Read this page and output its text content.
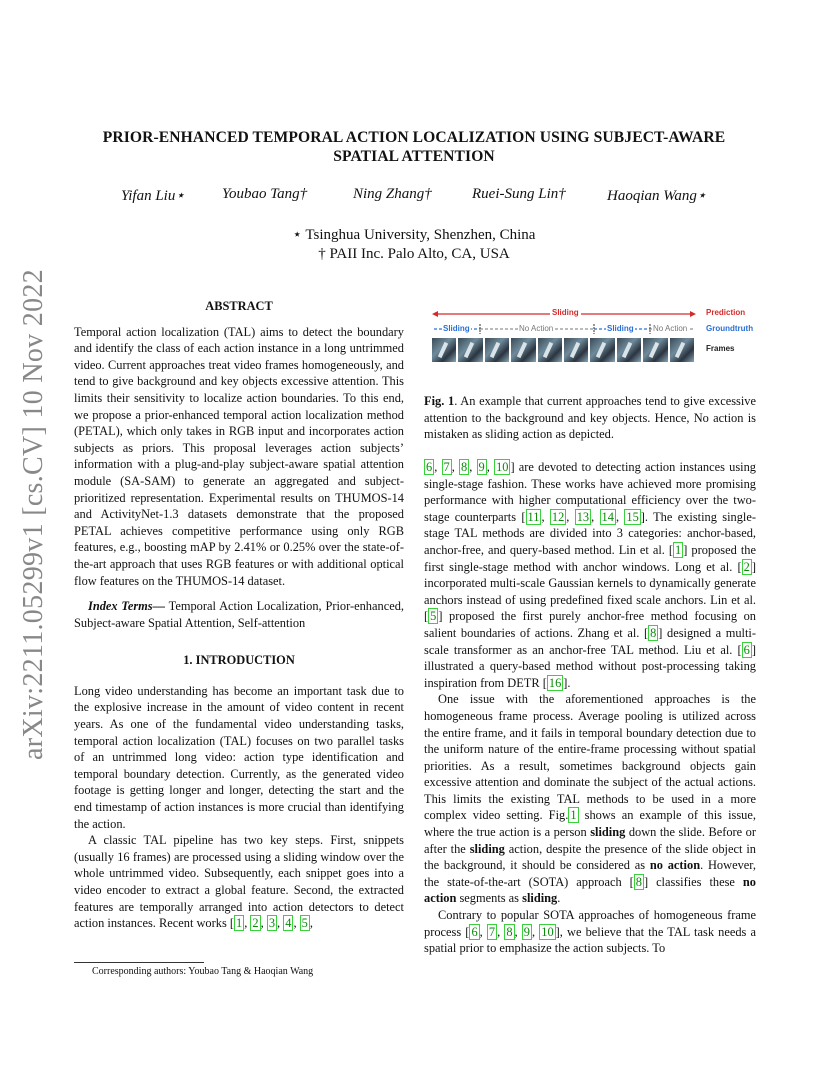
arXiv:2211.05299v1 [cs.CV] 10 Nov 2022
PRIOR-ENHANCED TEMPORAL ACTION LOCALIZATION USING SUBJECT-AWARE
SPATIAL ATTENTION
Yifan Liu⋆ Youbao Tang†	Ning Zhang†	Ruei-Sung Lin†	Haoqian Wang⋆
⋆ Tsinghua University, Shenzhen, China
† PAII Inc. Palo Alto, CA, USA

ABSTRACT

Temporal action localization (TAL) aims to detect the boundary and identify the class of each action instance in a long untrimmed video. Current approaches treat video frames homogeneously, and tend to give background and key objects excessive attention. This limits their sensitivity to localize action boundaries. To this end, we propose a prior-enhanced temporal action localization method (PETAL), which only takes in RGB input and incorporates action subjects as priors. This proposal leverages action subjects’ information with a plug-and-play subject-aware spatial attention module (SA-SAM) to generate an aggregated and subject-prioritized representation. Experimental results on THUMOS-14 and ActivityNet-1.3 datasets demonstrate that the proposed PETAL achieves competitive performance using only RGB features, e.g., boosting mAP by 2.41% or 0.25% over the state-of-the-art approach that uses RGB features or with additional optical flow features on the THUMOS-14 dataset.

Index Terms— Temporal Action Localization, Prior-enhanced, Subject-aware Spatial Attention, Self-attention

1. INTRODUCTION

Long video understanding has become an important task due to the explosive increase in the amount of video content in recent years. As one of the fundamental video understanding tasks, temporal action localization (TAL) focuses on two parallel tasks of an untrimmed long video: action type identification and temporal boundary detection. Currently, as the generated video footage is getting longer and longer, detecting the start and the end timestamp of action instances is more crucial than identifying the action.

A classic TAL pipeline has two key steps. First, snippets (usually 16 frames) are processed using a sliding window over the whole untrimmed video. Subsequently, each snippet goes into a video encoder to extract a global feature. Second, the extracted features are temporally arranged into action detectors to detect action instances. Recent works [ 1 , 2 , 3 , 4 , 5 ,

Corresponding authors: Youbao Tang & Haoqian Wang
Sliding	Prediction
Sliding	No Action	Sliding No Action Groundtruth
Frames
Fig. 1. An example that current approaches tend to give excessive attention to the background and key objects. Hence, No action is mistaken as sliding action as depicted.

6 , 7 , 8 , 9 , 10 ] are devoted to detecting action instances using single-stage fashion. These works have achieved more promising performance with higher computational efficiency over the two-stage counterparts [ 11 , 12 , 13 , 14 , 15 ]. The existing single-stage TAL methods are divided into 3 categories: anchor-based, anchor-free, and query-based method. Lin et al. [ 1 ] proposed the first single-stage method with anchor windows. Long et al. [ 2 ] incorporated multi-scale Gaussian kernels to dynamically generate anchors instead of using predefined fixed scale anchors. Lin et al. [ 5 ] proposed the first purely anchor-free method focusing on salient boundaries of actions. Zhang et al. [ 8 ] designed a multi-scale transformer as an anchor-free TAL method. Liu et al. [ 6 ] illustrated a query-based method without post-processing taking inspiration from DETR [ 16 ].

One issue with the aforementioned approaches is the homogeneous frame process. Average pooling is utilized across the entire frame, and it fails in temporal boundary detection due to the uniform nature of the entire-frame processing without spatial priorities. As a result, sometimes background objects gain excessive attention and dominate the subject of the actual actions. This limits the existing TAL methods to be used in a more complex video setting. Fig. 1 shows an example of this issue, where the true action is a person sliding down the slide. Before or after the sliding action, despite the presence of the slide object in the background, it should be considered as no action. However, the state-of-the-art (SOTA) approach [ 8 ] classifies these no action segments as sliding.

Contrary to popular SOTA approaches of homogeneous frame process [ 6 , 7 , 8 , 9 , 10 ], we believe that the TAL task needs a spatial prior to emphasize the action subjects. To
